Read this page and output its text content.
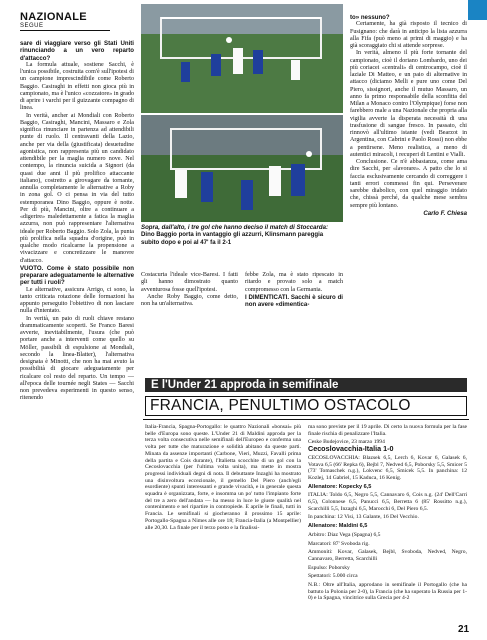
NAZIONALE
SEGUE

sare di viaggiare verso gli Stati Uniti rinunciando a un vero reparto d'attacco?

La formula attuale, sostiene Sacchi, è l'unica possibile, costruita com'è sull'ipotesi di un campione imprescindibile come Roberto Baggio. Casiraghi in effetti non gioca più in campionato, ma è l'unico «cozzatore» in grado di aprire i varchi per il guizzante compagno di linea.

In verità, ancher ai Mondiali con Roberto Baggio, Casiraghi, Mancini, Massaro e Zola significa rinunciare in partenza ad attendibili punte di ruolo. Il centravanti della Lazio, anche per via della (giustificata) desuetudine agonistica, non rappresenta più un candidato attendibile per la maglia numero nove. Nel contempo, la rinuncia suicida a Signori (da quasi due anni il più prolifico attaccante italiano), costretto a girovagare da tornante, annulla completamente le alternative a Roby in zona gol. O ci pensa in via del tutto estemporanea Dino Baggio, oppure è notte. Per di più, Mancini, oltre a continuare a «digerire» maledettamente a fatica la maglia azzurra, non può rappresentare l'alternativa ideale per Roberto Baggio. Solo Zola, la punta più prolifica nella squadra d'origine, può in qualche modo ricalcarne la propensione a vivacizzare e concretizzare le manovre d'attacco.

VUOTO. Come è stato possibile non preparare adeguatamente le alternative per tutti i ruoli?

Le alternative, assicura Arrigo, ci sono, la tanto criticata rotazione delle formazioni ha appunto perseguito l'obiettivo di non lasciare nulla d'intentato.

In verità, un paio di ruoli chiave restano drammaticamente scoperti. Se Franco Baresi avverte, inevitabilmente, l'usura (che può portare anche a interventi come quello su Möller, passibili di espulsione ai Mondiali, secondo la linea-Blatter), l'alternativa designata è Minotti, che non ha mai avuto la possibilità di giocare adeguatamente per ricalcare col resto del reparto. Un tempo — all'epoca delle tournée negli States — Sacchi non prevedeva esperimenti in questo senso, ritenendo

Sopra, dall'alto, i tre gol che hanno deciso il match di Stoccarda: Dino Baggio porta in vantaggio gli azzurri, Klinsmann pareggia subito dopo e poi al 47' fa il 2-1

Costacurta l'ideale vice-Baresi. I fatti gli hanno dimostrato quanto avventurosa fosse quell'ipotesi.

Anche Roby Baggio, come detto, non ha un'alternativa.

febbe Zola, ma è stato ripescato in ritardo e provato solo a match compromesso con la Germania.

I DIMENTICATI. Sacchi è sicuro di non avere «dimentica-

to» nessuno?

Certamente, ha già risposto il tecnico di Fusignano: che darà in anticipo la lista azzurra alla Fifa (può meno ai primi di maggio) e ha già scoraggiato chi si attende sorprese.

In verità, almeno il più forte tornante del campionato, cioè il doriano Lombardo, uno dei più coriacei «centrali» di centrocampo, cioè il laziale Di Matteo, e un paio di alternative in attacco (diciamo Melli e pure uno come Del Piero, sissignori, anche il mutuo Massaro, un anno fa primo responsabile della sconfitta del Milan a Monaco contro l'Olympique) forse non farebbero male a una Nazionale che propria alla vigilia avverte la disperata necessità di una trasfusione di sangue fresco. In passato, chi rinnovò all'ultimo istante (vedi Bearzot in Argentina, con Cabrini e Paolo Rossi) non ebbe a pentirsene. Meno realistica, a meno di autentici miracoli, i recuperi di Lentini e Vialli.

Conclusione. Ce n'è abbastanza, come ama dire Sacchi, per «lavorare». A patto che lo si faccia esclusivamente cercando di correggere i tanti errori commessi fin qui. Perseverare sarebbe diabolico, con quel miraggio iridato che, chissà perché, da qualche mese sembra sempre più lontano.

Carlo F. Chiesa

E l'Under 21 approda in semifinale
FRANCIA, PENULTIMO OSTACOLO

Italia-Francia, Spagna-Portogallo: le quattro Nazionali «bonsai» più belle d'Europa sono queste. L'Under 21 di Maldini approda per la terza volta consecutiva nelle semifinali dell'Europeo e conferma una volta per tutte che maturazione e solidità abitano da queste parti. Minata da assenze importanti (Carbone, Vieri, Muzzi, Favalli prima della partita e Cois durante), l'Italietta scocchite di un gol con la Cecoslovacchia (per l'ultima volta unita), ma mette in mostra progressi individuali degni di nota. Il debuttante Inzaghi ha mostrato una disinvoltura eccezionale, il gemello Del Piero (anch'egli esordiente) spunti interessanti e grande vivacità, e in generale questa squadra è organizzata, forte, e insomma un po' tutto l'impianto forte del tre a zero dell'andata — ha messo in luce le giuste qualità nel contenimento e nel ripartire in contropiede. E aprile le finali, tutti in Francia. Le semifinali si giocheranno il prossimo 15 aprile: Portogallo-Spagna a Nimes alle ore 18; Francia-Italia (a Montpellier) alle 20,30. La finale per il terzo posto e la finalissi-

ma sono previste per il 19 aprile. Di certo la nuova formula per la fase finale rischia di penalizzare l'Italia.

Ceske Budejovice, 23 marzo 1994

Cecoslovacchia-Italia 1-0

CECOSLOVACCHIA: Blazsek 6,5, Lerch 6, Kovar 6, Galasek 6, Votava 6,5 (66' Repka 6), Bejbl 7, Nedved 6,5, Poborsky 5,5, Smicer 5 (73' Tomaschek n.g.), Lokvenc 6,5, Smicek 5,5. In panchina: 12 Kozlej, 14 Gabriel, 15 Kaduca, 16 Kenig.

Allenatore: Kopecky 6,5

ITALIA: Toldo 6,5, Negro 5,5, Cannavaro 6, Cois n.g. (24' Dell'Carri 6,5), Colonnese 6,5, Panucci 6,5, Berretta 6 (85' Rossitto n.g.), Scarchilli 5,5, Inzaghi 6,5, Marocchi 6, Del Piero 6,5.

In panchina: 12 Visi, 13 Galante, 16 Del Vecchio.

Allenatore: Maldini 6,5

Arbitro: Diaz Vega (Spagna) 6,5

Marcatori: 87' Svoboda rig.

Ammoniti: Kovar, Galasek, Bejbl, Svoboda, Nedved, Negro, Cannavaro, Berretta, Scarchilli

Espulso: Poborsky

Spettatori: 5.000 circa

N.B.: Oltre all'Italia, approdano in semifinale il Portogallo (che ha battuto la Polonia per 2-0), la Francia (che ha superato la Russia per 1-0) e la Spagna, vincitrice sulla Grecia per 4-2

21
